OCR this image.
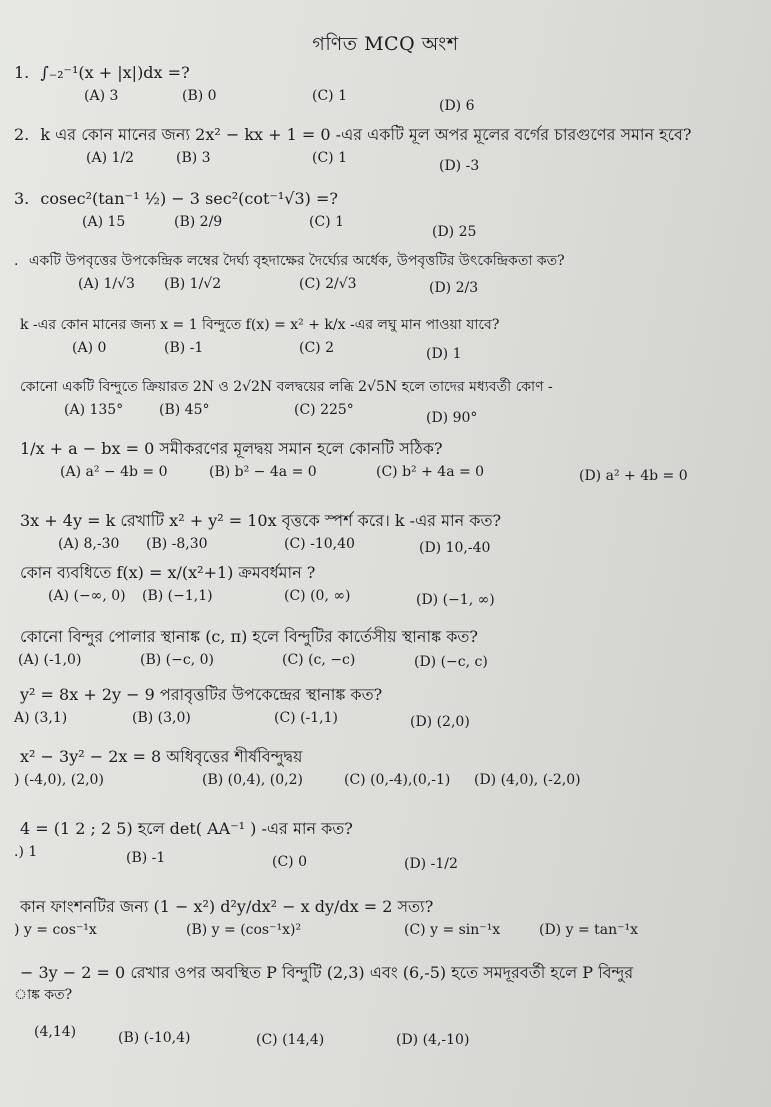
গণিত MCQ অংশ
1. ∫₋₂⁻¹(x + |x|)dx =?
(A) 3	(B) 0	(C) 1
(D) 6
2. k এর কোন মানের জন্য 2x² − kx + 1 = 0 -এর একটি মূল অপর মূলের বর্গের চারগুণের সমান হবে?
(A) 1/2	(B) 3	(C) 1	(D) -3
3. cosec²(tan⁻¹ ½) − 3 sec²(cot⁻¹√3) =?
(A) 15	(B) 2/9	(C) 1
(D) 25
. একটি উপবৃত্তের উপকেন্দ্রিক লম্বের দৈর্ঘ্য বৃহদাক্ষের দৈর্ঘ্যের অর্ধেক, উপবৃত্তটির উৎকেন্দ্রিকতা কত?
(A) 1/√3 (B) 1/√2	(C) 2/√3	(D) 2/3
k -এর কোন মানের জন্য x = 1 বিন্দুতে f(x) = x² + k/x -এর লঘু মান পাওয়া যাবে?
(A) 0	(B) -1	(C) 2	(D) 1
কোনো একটি বিন্দুতে ক্রিয়ারত 2N ও 2√2N বলদ্বয়ের লব্ধি 2√5N হলে তাদের মধ্যবর্তী কোণ -
(A) 135°	(B) 45°	(C) 225°	(D) 90°
1/x + a − bx = 0 সমীকরণের মূলদ্বয় সমান হলে কোনটি সঠিক?
(A) a² − 4b = 0	(B) b² − 4a = 0	(C) b² + 4a = 0	(D) a² + 4b = 0
3x + 4y = k রেখাটি x² + y² = 10x বৃত্তকে স্পর্শ করে। k -এর মান কত?
(A) 8,-30 (B) -8,30	(C) -10,40	(D) 10,-40
কোন ব্যবধিতে f(x) = x/(x²+1) ক্রমবর্ধমান ?
(A) (−∞, 0) (B) (−1,1)	(C) (0, ∞)	(D) (−1, ∞)
কোনো বিন্দুর পোলার স্থানাঙ্ক (c, π) হলে বিন্দুটির কার্তেসীয় স্থানাঙ্ক কত?
(A) (-1,0)	(B) (−c, 0)	(C) (c, −c)	(D) (−c, c)
y² = 8x + 2y − 9 পরাবৃত্তটির উপকেন্দ্রের স্থানাঙ্ক কত?
A) (3,1)	(B) (3,0)	(C) (-1,1)	(D) (2,0)
x² − 3y² − 2x = 8 অধিবৃত্তের শীর্ষবিন্দুদ্বয়
) (-4,0), (2,0)	(B) (0,4), (0,2)	(C) (0,-4),(0,-1) (D) (4,0), (-2,0)
4 = (1 2 ; 2 5) হলে det( AA⁻¹ ) -এর মান কত?
.) 1	(B) -1	(C) 0	(D) -1/2
কান ফাংশনটির জন্য (1 − x²) d²y/dx² − x dy/dx = 2 সত্য?
) y = cos⁻¹x	(B) y = (cos⁻¹x)²	(C) y = sin⁻¹x	(D) y = tan⁻¹x
− 3y − 2 = 0 রেখার ওপর অবস্থিত P বিন্দুটি (2,3) এবং (6,-5) হতে সমদূরবর্তী হলে P বিন্দুর
াঙ্ক কত?
(4,14)	(B) (-10,4)	(C) (14,4)	(D) (4,-10)
